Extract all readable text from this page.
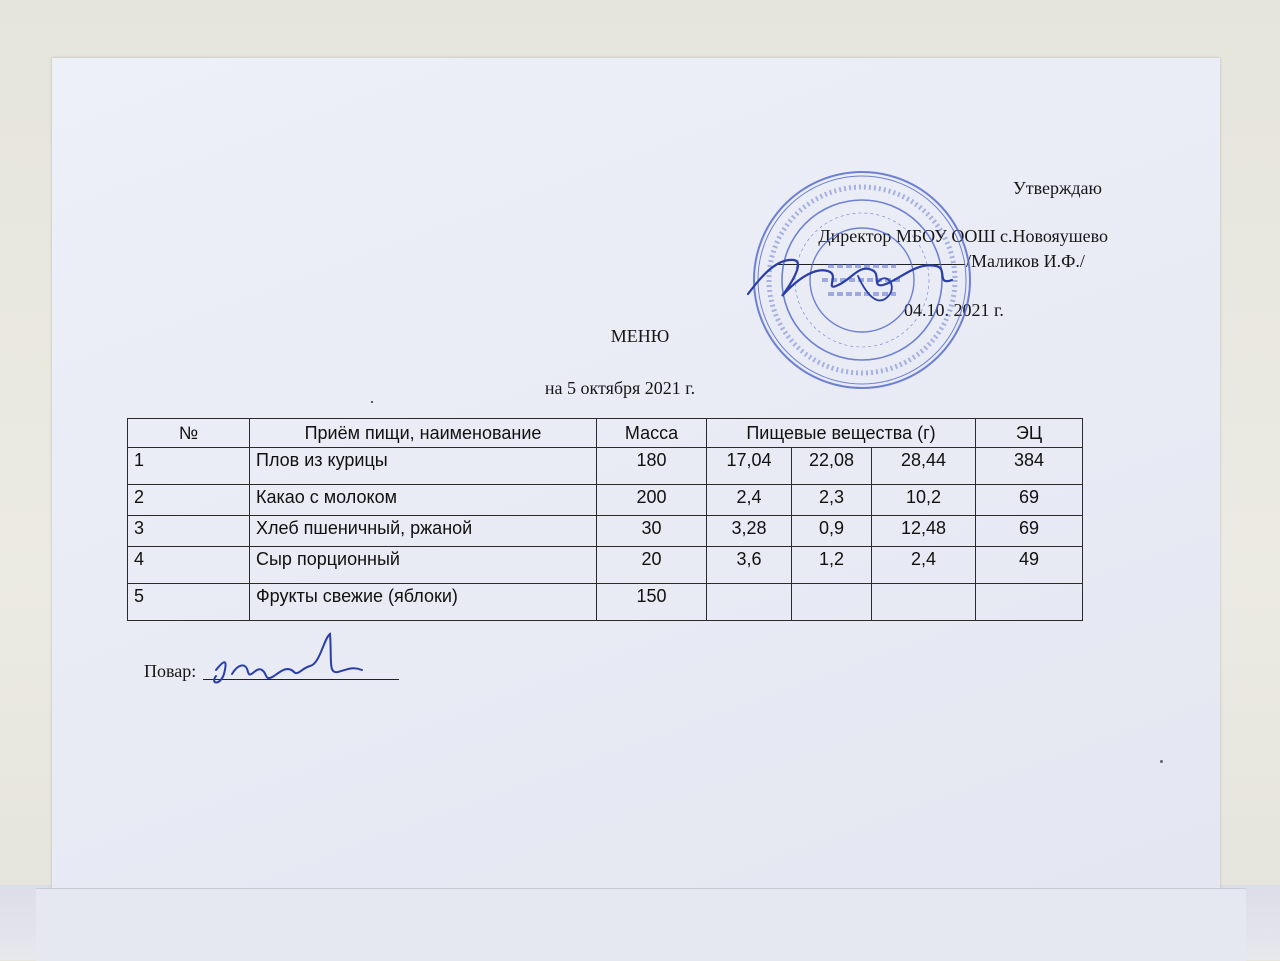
Утверждаю
Директор МБОУ ООШ с.Новояушево
/Маликов И.Ф./
04.10. 2021 г.
МЕНЮ
на 5 октября 2021 г.
№	Приём пищи, наименование	Масса	Пищевые вещества (г)			ЭЦ
1	Плов из курицы	180	17,04	22,08	28,44	384
2	Какао с молоком	200	2,4	2,3	10,2	69
3	Хлеб пшеничный, ржаной	30	3,28	0,9	12,48	69
4	Сыр порционный	20	3,6	1,2	2,4	49
5	Фрукты свежие (яблоки)	150				
Повар:
